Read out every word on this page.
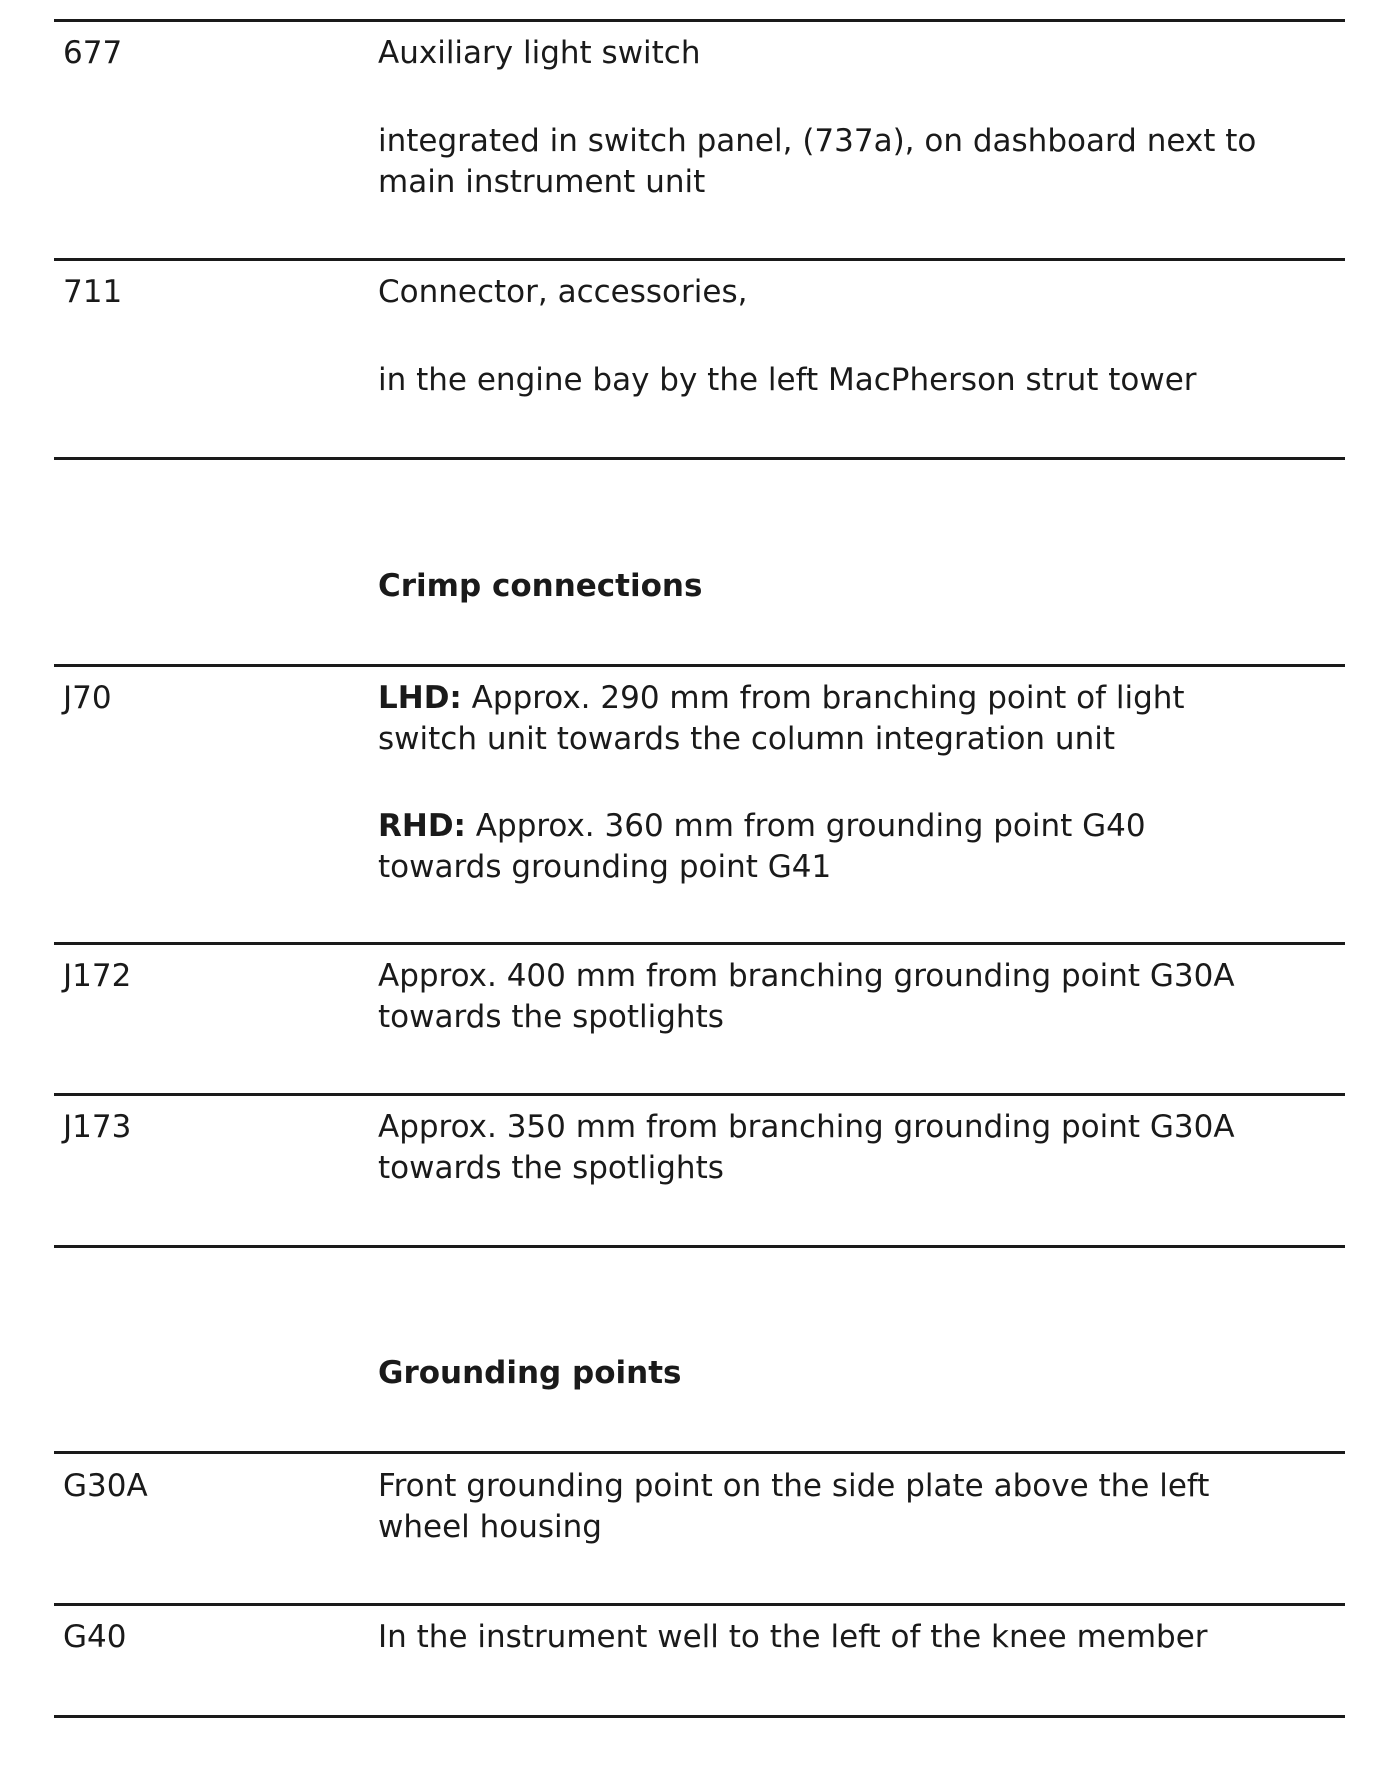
677	Auxiliary light switch
integrated in switch panel, (737a), on dashboard next to
main instrument unit
711	Connector, accessories,
in the engine bay by the left MacPherson strut tower
Crimp connections
J70	LHD: Approx. 290 mm from branching point of light
switch unit towards the column integration unit
RHD: Approx. 360 mm from grounding point G40
towards grounding point G41
J172	Approx. 400 mm from branching grounding point G30A
towards the spotlights
J173	Approx. 350 mm from branching grounding point G30A
towards the spotlights
Grounding points
G30A	Front grounding point on the side plate above the left
wheel housing
G40	In the instrument well to the left of the knee member
